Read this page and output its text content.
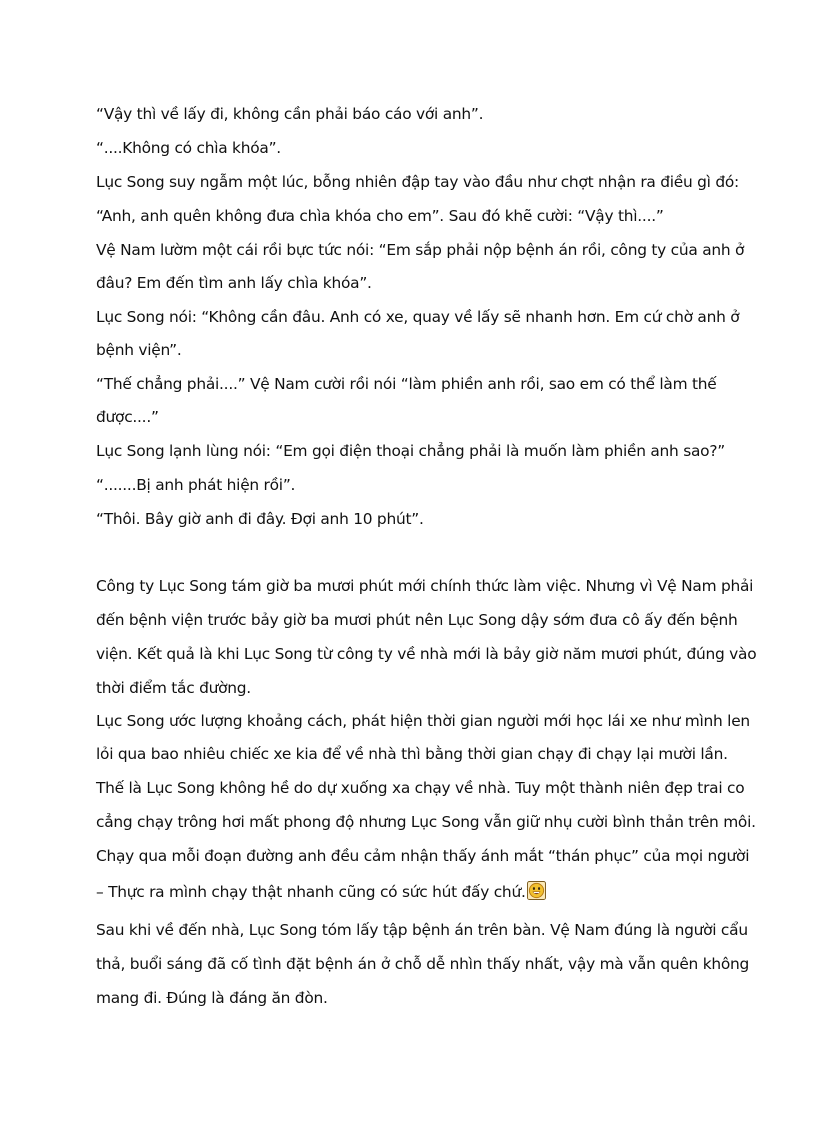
“Vậy thì về lấy đi, không cần phải báo cáo với anh”.
“....Không có chìa khóa”.
Lục Song suy ngẫm một lúc, bỗng nhiên đập tay vào đầu như chợt nhận ra điều gì đó:
“Anh, anh quên không đưa chìa khóa cho em”. Sau đó khẽ cười: “Vậy thì....”
Vệ Nam lườm một cái rồi bực tức nói: “Em sắp phải nộp bệnh án rồi, công ty của anh ở
đâu? Em đến tìm anh lấy chìa khóa”.
Lục Song nói: “Không cần đâu. Anh có xe, quay về lấy sẽ nhanh hơn. Em cứ chờ anh ở
bệnh viện”.
“Thế chẳng phải....” Vệ Nam cười rồi nói “làm phiền anh rồi, sao em có thể làm thế
được....”
Lục Song lạnh lùng nói: “Em gọi điện thoại chẳng phải là muốn làm phiền anh sao?”
“.......Bị anh phát hiện rồi”.
“Thôi. Bây giờ anh đi đây. Đợi anh 10 phút”.
Công ty Lục Song tám giờ ba mươi phút mới chính thức làm việc. Nhưng vì Vệ Nam phải
đến bệnh viện trước bảy giờ ba mươi phút nên Lục Song dậy sớm đưa cô ấy đến bệnh
viện. Kết quả là khi Lục Song từ công ty về nhà mới là bảy giờ năm mươi phút, đúng vào
thời điểm tắc đường.
Lục Song ước lượng khoảng cách, phát hiện thời gian người mới học lái xe như mình len
lỏi qua bao nhiêu chiếc xe kia để về nhà thì bằng thời gian chạy đi chạy lại mười lần.
Thế là Lục Song không hề do dự xuống xa chạy về nhà. Tuy một thành niên đẹp trai co
cẳng chạy trông hơi mất phong độ nhưng Lục Song vẫn giữ nhụ cười bình thản trên môi.
Chạy qua mỗi đoạn đường anh đều cảm nhận thấy ánh mắt “thán phục” của mọi người
– Thực ra mình chạy thật nhanh cũng có sức hút đấy chứ.
Sau khi về đến nhà, Lục Song tóm lấy tập bệnh án trên bàn. Vệ Nam đúng là người cẩu
thả, buổi sáng đã cố tình đặt bệnh án ở chỗ dễ nhìn thấy nhất, vậy mà vẫn quên không
mang đi. Đúng là đáng ăn đòn.
